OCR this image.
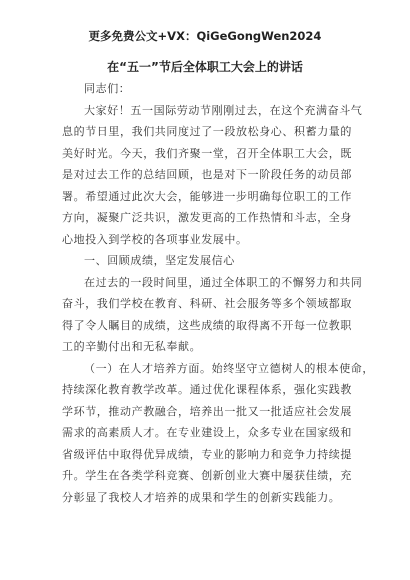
更多免费公文+VX：QiGeGongWen2024
在“五一”节后全体职工大会上的讲话
同志们：
大家好！五一国际劳动节刚刚过去，在这个充满奋斗气
息的节日里，我们共同度过了一段放松身心、积蓄力量的
美好时光。今天，我们齐聚一堂，召开全体职工大会，既
是对过去工作的总结回顾，也是对下一阶段任务的动员部
署。希望通过此次大会，能够进一步明确每位职工的工作
方向，凝聚广泛共识，激发更高的工作热情和斗志，全身
心地投入到学校的各项事业发展中。
一、回顾成绩，坚定发展信心
在过去的一段时间里，通过全体职工的不懈努力和共同
奋斗，我们学校在教育、科研、社会服务等多个领域都取
得了令人瞩目的成绩，这些成绩的取得离不开每一位教职
工的辛勤付出和无私奉献。
（一）在人才培养方面。始终坚守立德树人的根本使命，
持续深化教育教学改革。通过优化课程体系，强化实践教
学环节，推动产教融合，培养出一批又一批适应社会发展
需求的高素质人才。在专业建设上，众多专业在国家级和
省级评估中取得优异成绩，专业的影响力和竞争力持续提
升。学生在各类学科竞赛、创新创业大赛中屡获佳绩，充
分彰显了我校人才培养的成果和学生的创新实践能力。
